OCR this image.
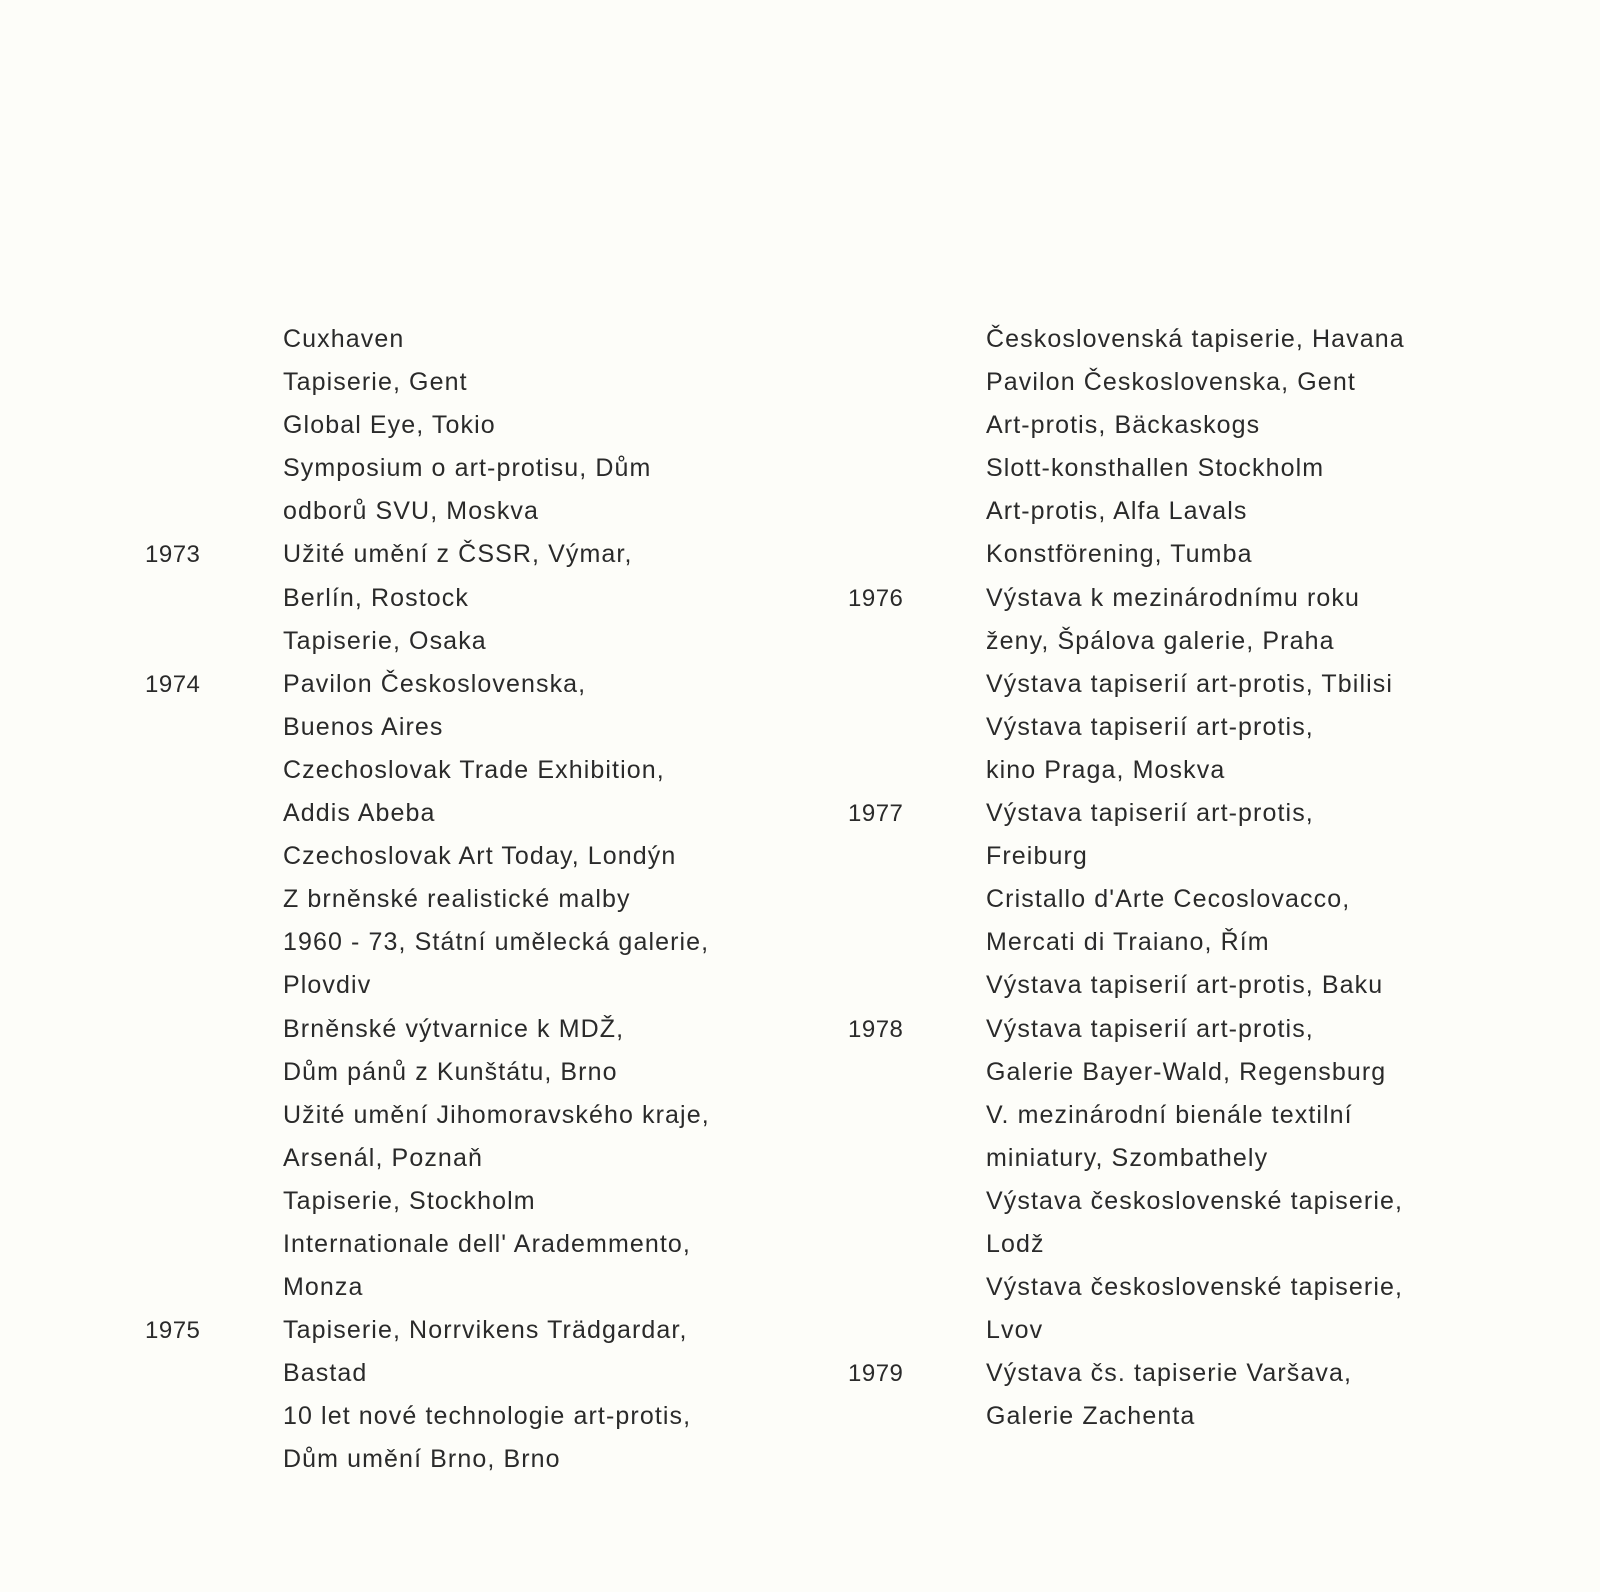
Cuxhaven
Tapiserie, Gent
Global Eye, Tokio
Symposium o art-protisu, Dům
odborů SVU, Moskva
1973	Užité umění z ČSSR, Výmar,
Berlín, Rostock
Tapiserie, Osaka
1974	Pavilon Československa,
Buenos Aires
Czechoslovak Trade Exhibition,
Addis Abeba
Czechoslovak Art Today, Londýn
Z brněnské realistické malby
1960 - 73, Státní umělecká galerie,
Plovdiv
Brněnské výtvarnice k MDŽ,
Dům pánů z Kunštátu, Brno
Užité umění Jihomoravského kraje,
Arsenál, Poznaň
Tapiserie, Stockholm
Internationale dell' Arademmento,
Monza
1975	Tapiserie, Norrvikens Trädgardar,
Bastad
10 let nové technologie art-protis,
Dům umění Brno, Brno
Československá tapiserie, Havana
Pavilon Československa, Gent
Art-protis, Bäckaskogs
Slott-konsthallen Stockholm
Art-protis, Alfa Lavals
Konstförening, Tumba
1976	Výstava k mezinárodnímu roku
ženy, Špálova galerie, Praha
Výstava tapiserií art-protis, Tbilisi
Výstava tapiserií art-protis,
kino Praga, Moskva
1977	Výstava tapiserií art-protis,
Freiburg
Cristallo d'Arte Cecoslovacco,
Mercati di Traiano, Řím
Výstava tapiserií art-protis, Baku
1978	Výstava tapiserií art-protis,
Galerie Bayer-Wald, Regensburg
V. mezinárodní bienále textilní
miniatury, Szombathely
Výstava československé tapiserie,
Lodž
Výstava československé tapiserie,
Lvov
1979	Výstava čs. tapiserie Varšava,
Galerie Zachenta
